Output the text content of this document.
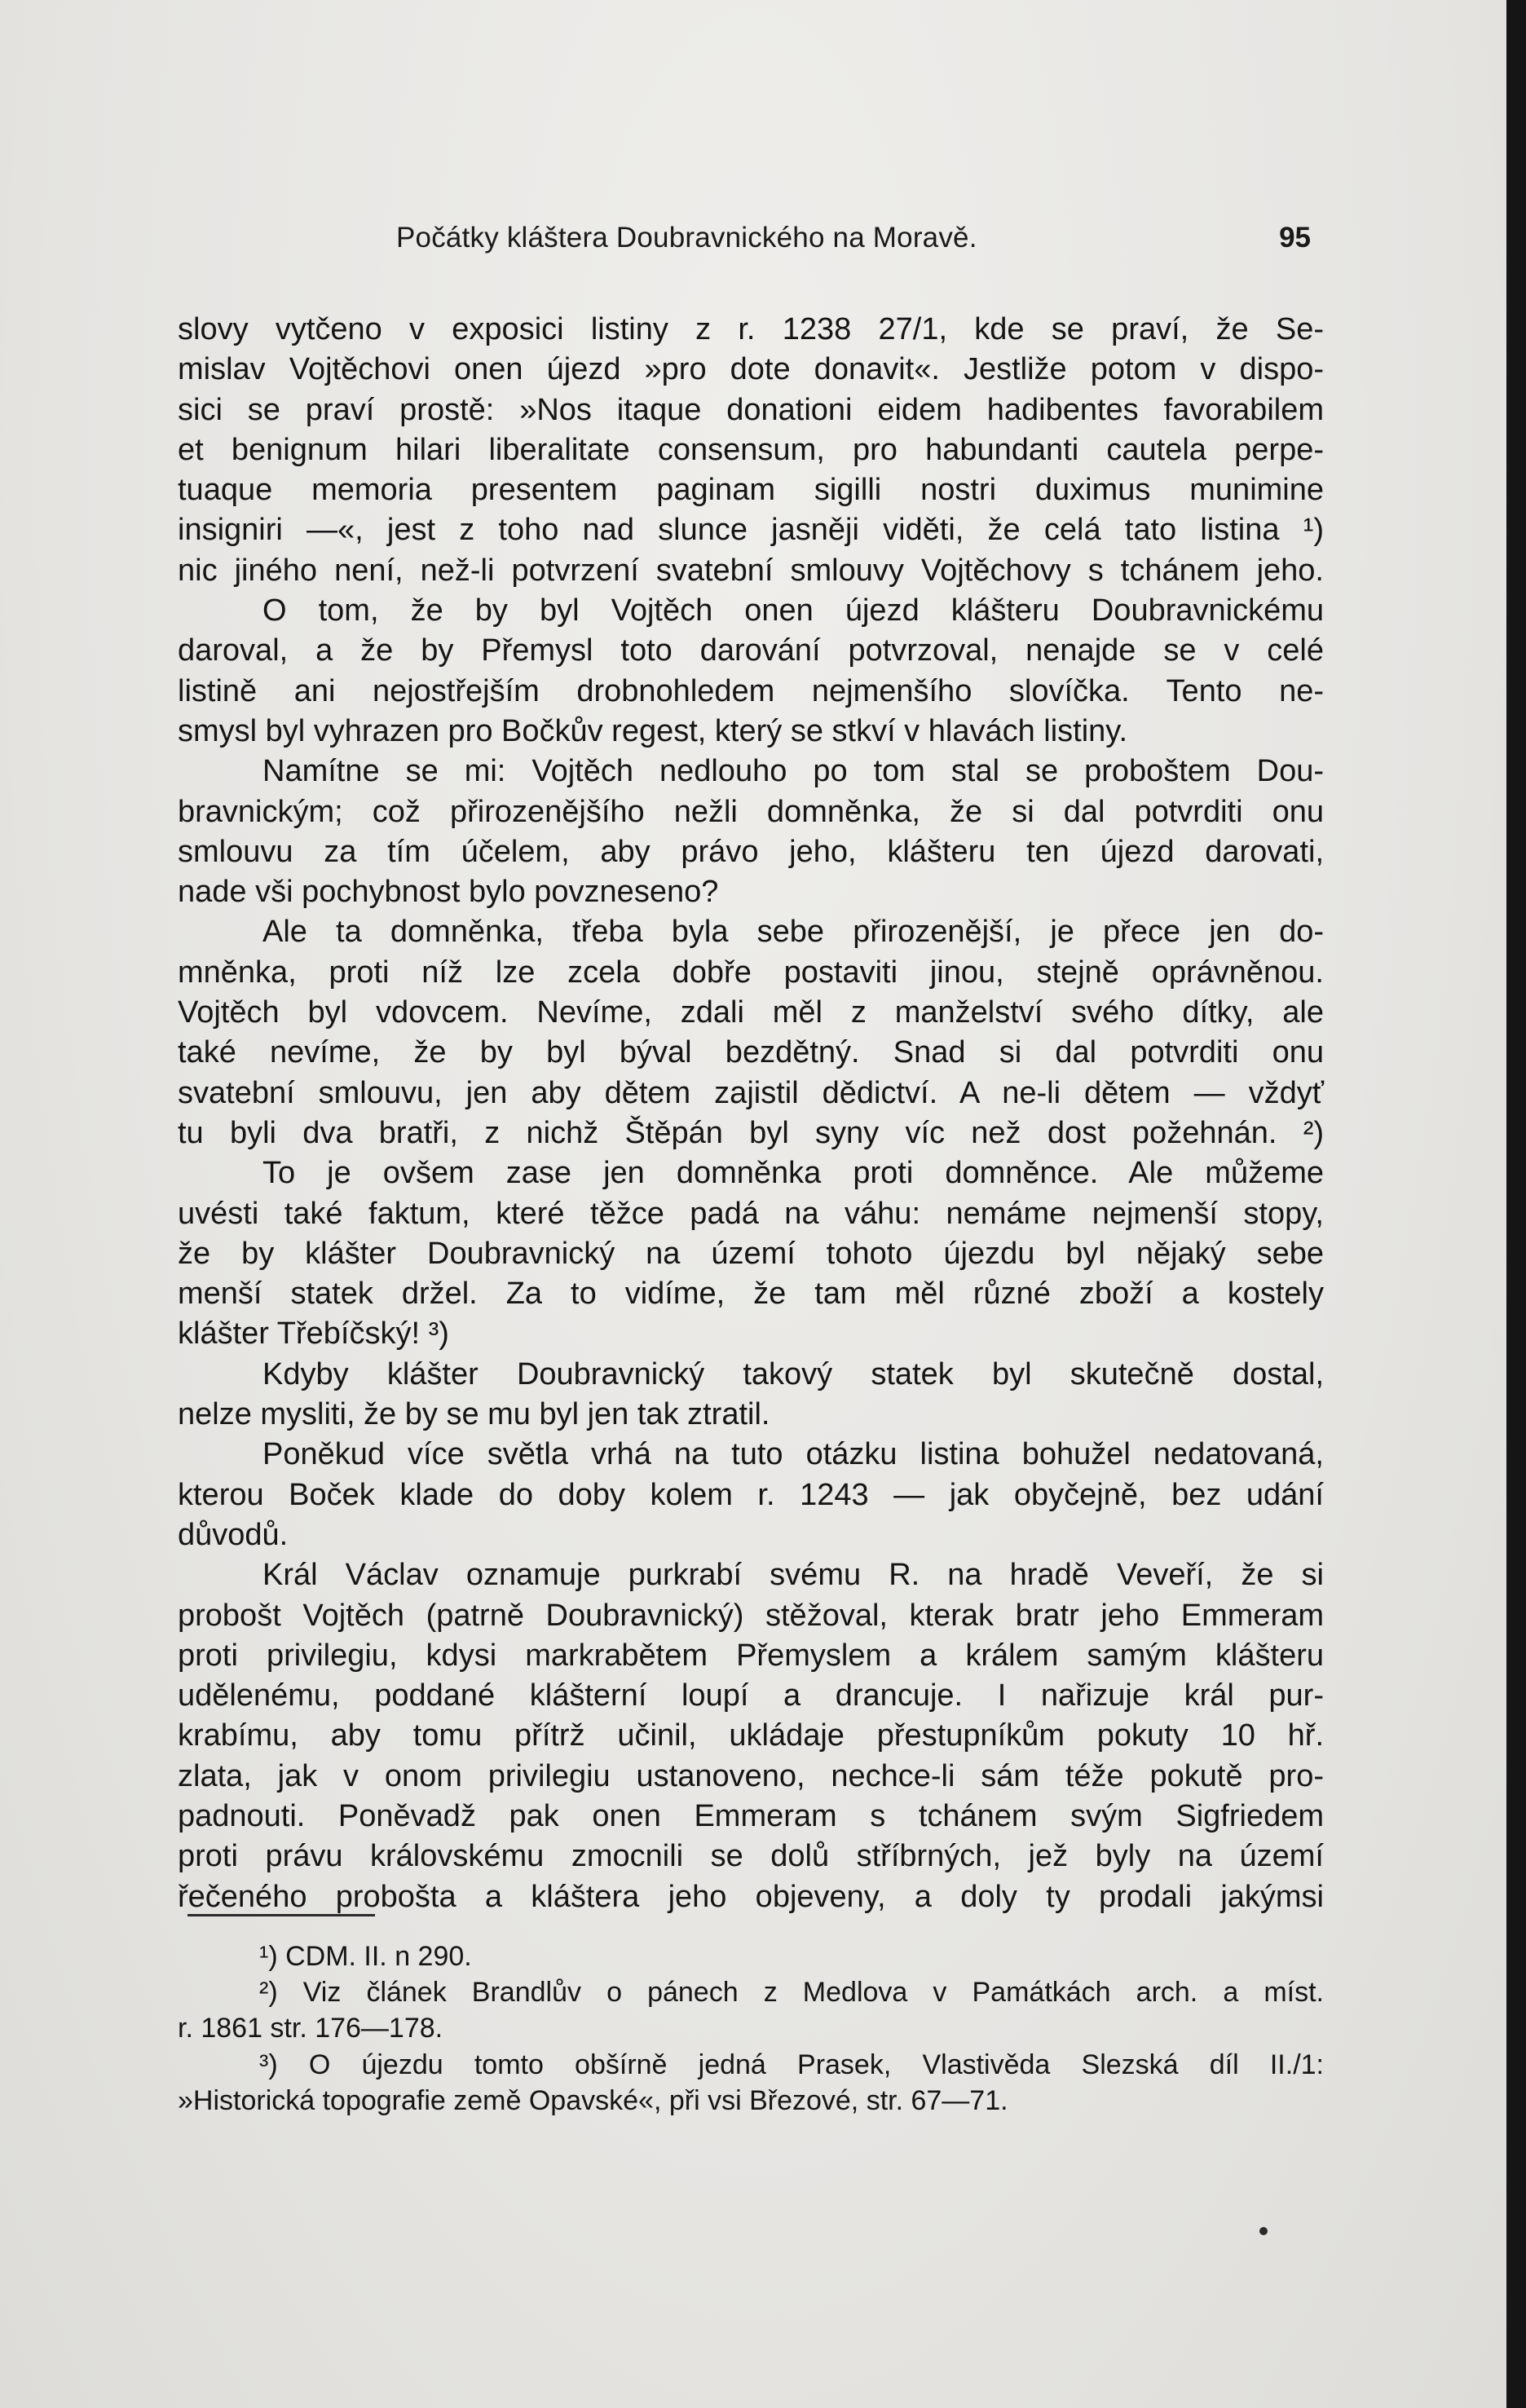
Počátky kláštera Doubravnického na Moravě.	95
slovy vytčeno v exposici listiny z r. 1238 27/1, kde se praví, že Se-
mislav Vojtěchovi onen újezd »pro dote donavit«. Jestliže potom v dispo-
sici se praví prostě: »Nos itaque donationi eidem hadibentes favorabilem
et benignum hilari liberalitate consensum, pro habundanti cautela perpe-
tuaque memoria presentem paginam sigilli nostri duximus munimine
insigniri —«, jest z toho nad slunce jasněji viděti, že celá tato listina ¹)
nic jiného není, než-li potvrzení svatební smlouvy Vojtěchovy s tchánem jeho.
O tom, že by byl Vojtěch onen újezd klášteru Doubravnickému
daroval, a že by Přemysl toto darování potvrzoval, nenajde se v celé
listině ani nejostřejším drobnohledem nejmenšího slovíčka. Tento ne-
smysl byl vyhrazen pro Bočkův regest, který se stkví v hlavách listiny.
Namítne se mi: Vojtěch nedlouho po tom stal se proboštem Dou-
bravnickým; což přirozenějšího nežli domněnka, že si dal potvrditi onu
smlouvu za tím účelem, aby právo jeho, klášteru ten újezd darovati,
nade vši pochybnost bylo povzneseno?
Ale ta domněnka, třeba byla sebe přirozenější, je přece jen do-
mněnka, proti níž lze zcela dobře postaviti jinou, stejně oprávněnou.
Vojtěch byl vdovcem. Nevíme, zdali měl z manželství svého dítky, ale
také nevíme, že by byl býval bezdětný. Snad si dal potvrditi onu
svatební smlouvu, jen aby dětem zajistil dědictví. A ne-li dětem — vždyť
tu byli dva bratři, z nichž Štěpán byl syny víc než dost požehnán. ²)
To je ovšem zase jen domněnka proti domněnce. Ale můžeme
uvésti také faktum, které těžce padá na váhu: nemáme nejmenší stopy,
že by klášter Doubravnický na území tohoto újezdu byl nějaký sebe
menší statek držel. Za to vidíme, že tam měl různé zboží a kostely
klášter Třebíčský! ³)
Kdyby klášter Doubravnický takový statek byl skutečně dostal,
nelze mysliti, že by se mu byl jen tak ztratil.
Poněkud více světla vrhá na tuto otázku listina bohužel nedatovaná,
kterou Boček klade do doby kolem r. 1243 — jak obyčejně, bez udání
důvodů.
Král Václav oznamuje purkrabí svému R. na hradě Veveří, že si
probošt Vojtěch (patrně Doubravnický) stěžoval, kterak bratr jeho Emmeram
proti privilegiu, kdysi markrabětem Přemyslem a králem samým klášteru
udělenému, poddané klášterní loupí a drancuje. I nařizuje král pur-
krabímu, aby tomu přítrž učinil, ukládaje přestupníkům pokuty 10 hř.
zlata, jak v onom privilegiu ustanoveno, nechce-li sám téže pokutě pro-
padnouti. Poněvadž pak onen Emmeram s tchánem svým Sigfriedem
proti právu královskému zmocnili se dolů stříbrných, jež byly na území
řečeného probošta a kláštera jeho objeveny, a doly ty prodali jakýmsi
¹) CDM. II. n 290.
²) Viz článek Brandlův o pánech z Medlova v Památkách arch. a míst.
r. 1861 str. 176—178.
³) O újezdu tomto obšírně jedná Prasek, Vlastivěda Slezská díl II./1:
»Historická topografie země Opavské«, při vsi Březové, str. 67—71.
